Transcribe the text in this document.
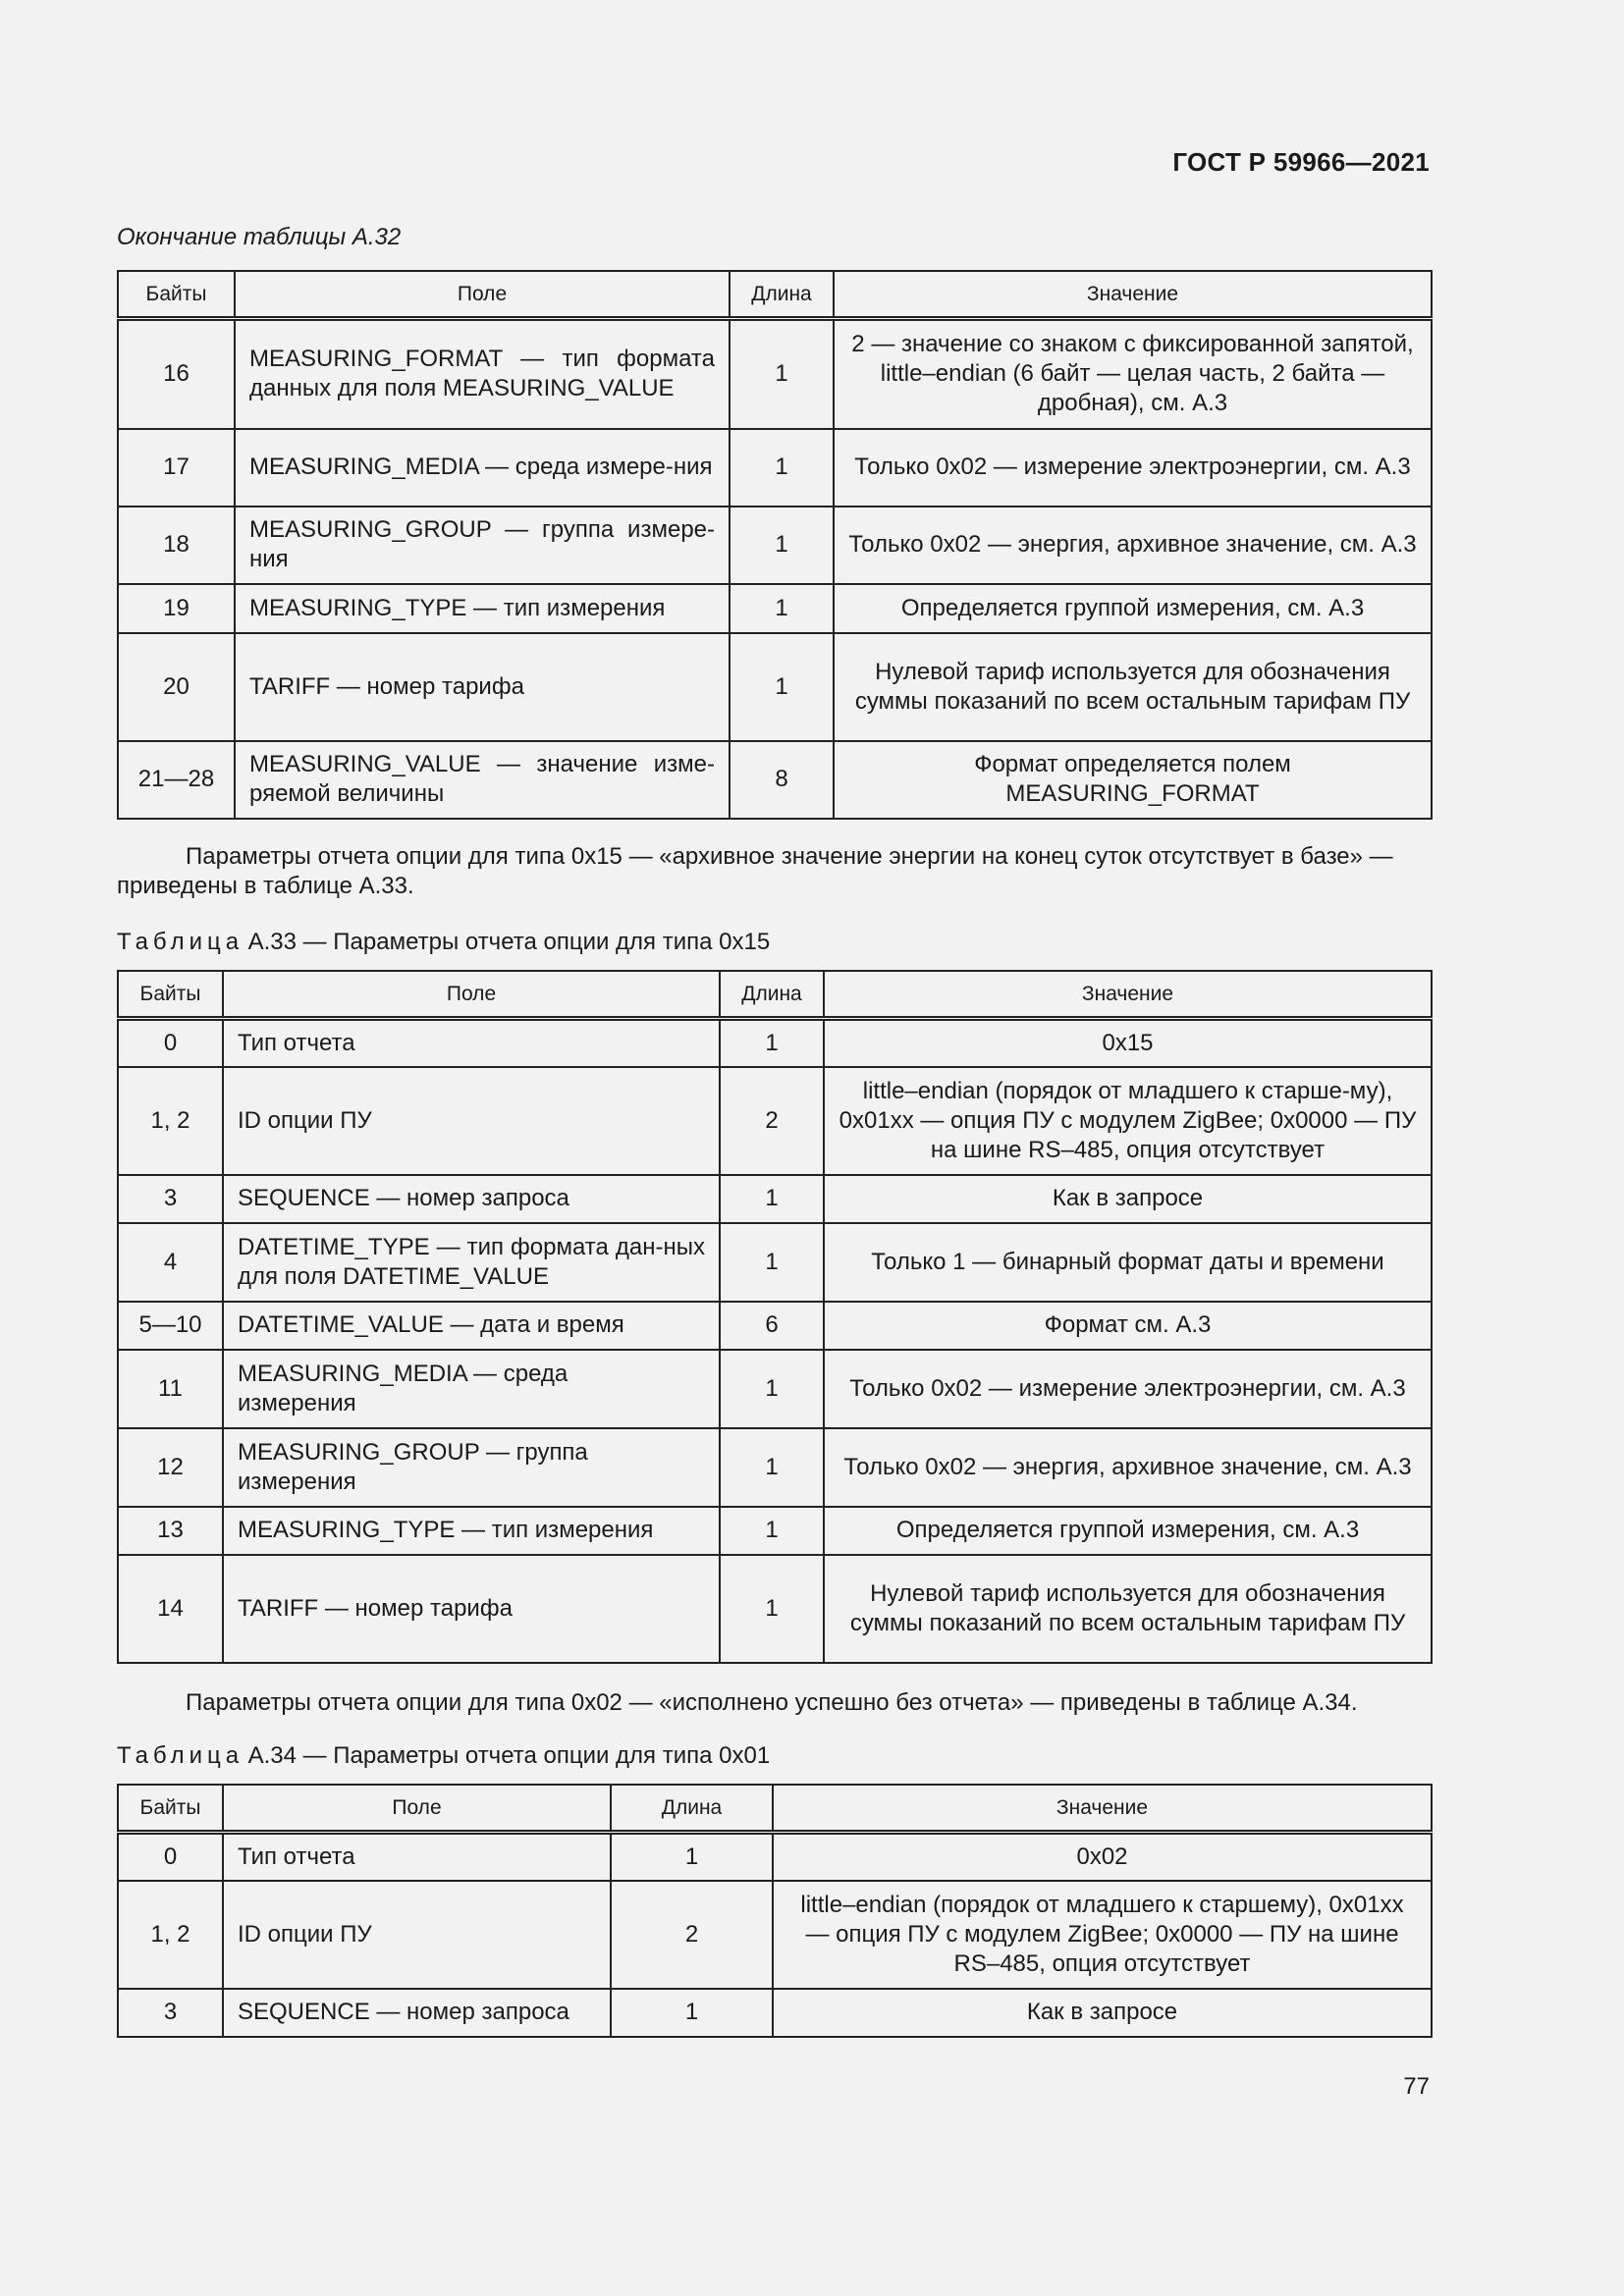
ГОСТ Р 59966—2021
Окончание таблицы А.32
Байты	Поле	Длина	Значение
16	MEASURING_FORMAT — тип формата данных для поля MEASURING_VALUE	1	2 — значение со знаком с фиксированной запятой, little–endian (6 байт — целая часть, 2 байта — дробная), см. А.3
17	MEASURING_MEDIA — среда измере-ния	1	Только 0х02 — измерение электроэнергии, см. А.3
18	MEASURING_GROUP — группа измере-ния	1	Только 0х02 — энергия, архивное значение, см. А.3
19	MEASURING_TYPE — тип измерения	1	Определяется группой измерения, см. А.3
20	TARIFF — номер тарифа	1	Нулевой тариф используется для обозначения суммы показаний по всем остальным тарифам ПУ
21—28	MEASURING_VALUE — значение изме-ряемой величины	8	Формат определяется полем MEASURING_FORMAT

Параметры отчета опции для типа 0х15 — «архивное значение энергии на конец суток отсутствует в базе» — приведены в таблице А.33.

Таблица А.33 — Параметры отчета опции для типа 0х15
Байты	Поле	Длина	Значение
0	Тип отчета	1	0х15
1, 2	ID опции ПУ	2	little–endian (порядок от младшего к старше-му), 0х01хх — опция ПУ с модулем ZigBee; 0х0000 — ПУ на шине RS–485, опция отсутствует
3	SEQUENCE — номер запроса	1	Как в запросе
4	DATETIME_TYPE — тип формата дан-ных для поля DATETIME_VALUE	1	Только 1 — бинарный формат даты и времени
5—10	DATETIME_VALUE — дата и время	6	Формат см. А.3
11	MEASURING_MEDIA — среда измерения	1	Только 0х02 — измерение электроэнергии, см. А.3
12	MEASURING_GROUP — группа измерения	1	Только 0х02 — энергия, архивное значение, см. А.3
13	MEASURING_TYPE — тип измерения	1	Определяется группой измерения, см. А.3
14	TARIFF — номер тарифа	1	Нулевой тариф используется для обозначения суммы показаний по всем остальным тарифам ПУ

Параметры отчета опции для типа 0х02 — «исполнено успешно без отчета» — приведены в таблице А.34.

Таблица А.34 — Параметры отчета опции для типа 0х01
Байты	Поле	Длина	Значение
0	Тип отчета	1	0х02
1, 2	ID опции ПУ	2	little–endian (порядок от младшего к старшему), 0х01хх — опция ПУ с модулем ZigBee; 0х0000 — ПУ на шине RS–485, опция отсутствует
3	SEQUENCE — номер запроса	1	Как в запросе
77
